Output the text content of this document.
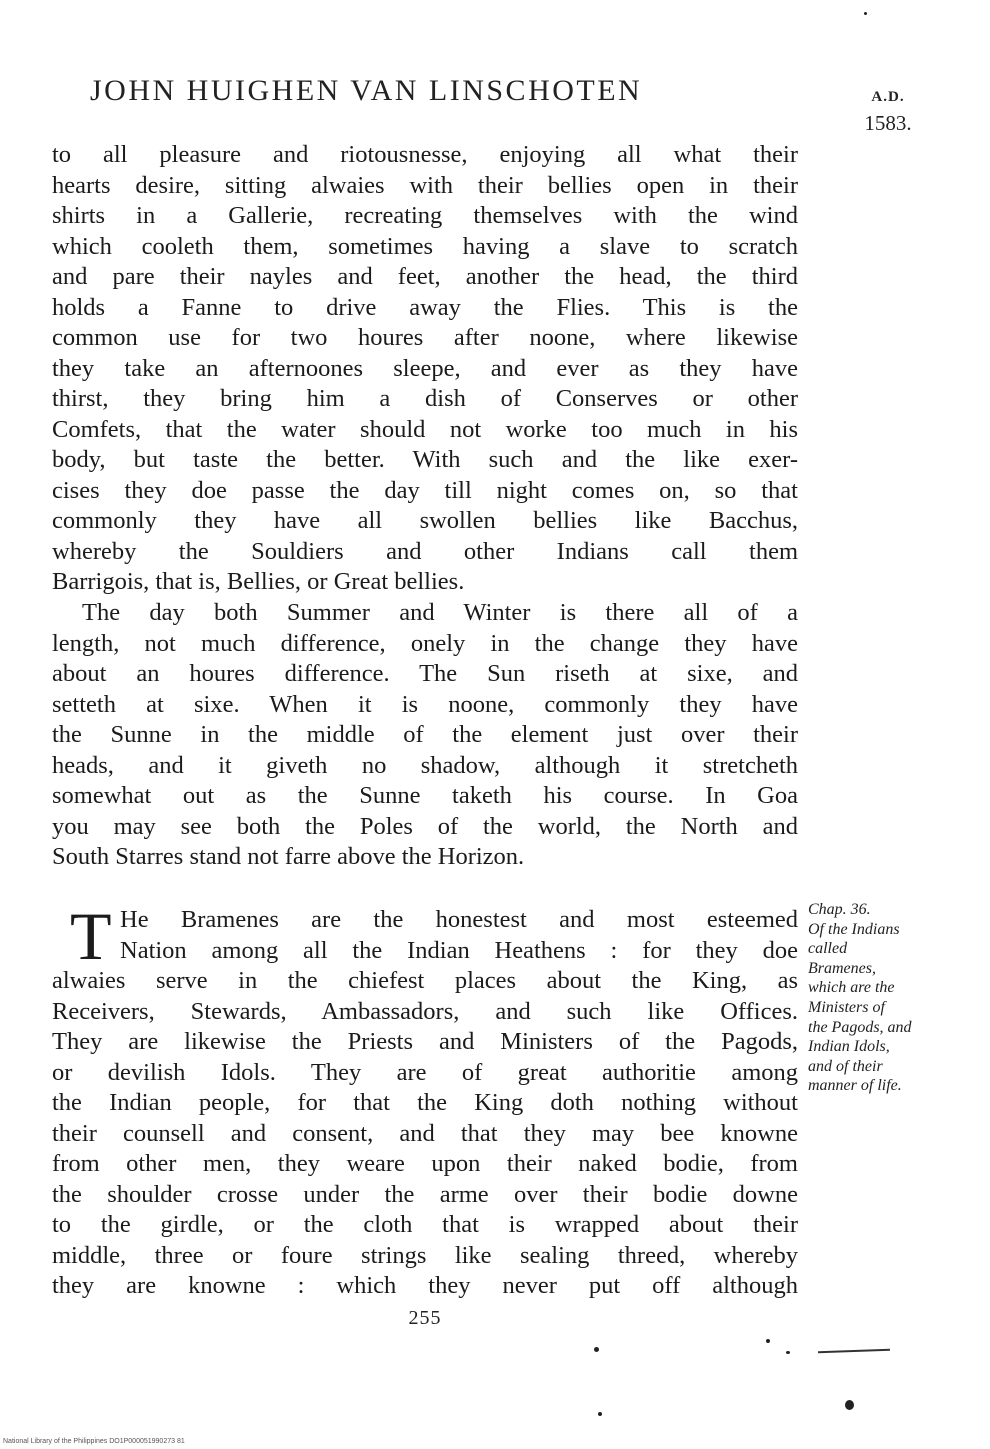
JOHN HUIGHEN VAN LINSCHOTEN	A.D.
1583.
to all pleasure and riotousnesse, enjoying all what their
hearts desire, sitting alwaies with their bellies open in their
shirts in a Gallerie, recreating themselves with the wind
which cooleth them, sometimes having a slave to scratch
and pare their nayles and feet, another the head, the third
holds a Fanne to drive away the Flies. This is the
common use for two houres after noone, where likewise
they take an afternoones sleepe, and ever as they have
thirst, they bring him a dish of Conserves or other
Comfets, that the water should not worke too much in his
body, but taste the better. With such and the like exer-
cises they doe passe the day till night comes on, so that
commonly they have all swollen bellies like Bacchus,
whereby the Souldiers and other Indians call them
Barrigois, that is, Bellies, or Great bellies.
The day both Summer and Winter is there all of a
length, not much difference, onely in the change they have
about an houres difference. The Sun riseth at sixe, and
setteth at sixe. When it is noone, commonly they have
the Sunne in the middle of the element just over their
heads, and it giveth no shadow, although it stretcheth
somewhat out as the Sunne taketh his course. In Goa
you may see both the Poles of the world, the North and
South Starres stand not farre above the Horizon.
T He Bramenes are the honestest and most esteemed
Nation among all the Indian Heathens : for they doe
alwaies serve in the chiefest places about the King, as
Receivers, Stewards, Ambassadors, and such like Offices.
They are likewise the Priests and Ministers of the Pagods,
or devilish Idols. They are of great authoritie among
the Indian people, for that the King doth nothing without
their counsell and consent, and that they may bee knowne
from other men, they weare upon their naked bodie, from
the shoulder crosse under the arme over their bodie downe
to the girdle, or the cloth that is wrapped about their
middle, three or foure strings like sealing threed, whereby
they are knowne : which they never put off although
Chap. 36.
Of the Indians
called
Bramenes,
which are the
Ministers of
the Pagods, and
Indian Idols,
and of their
manner of life.
255
National Library of the Philippines DO1P000051990273 81
